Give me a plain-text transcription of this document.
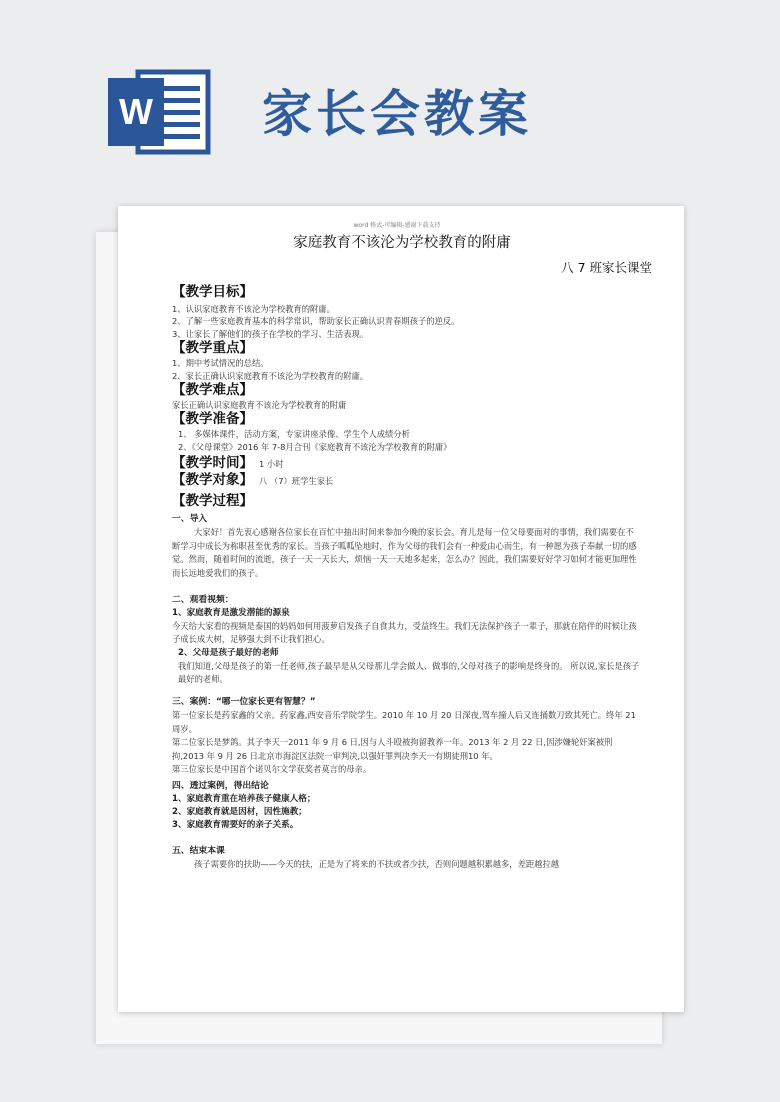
W 家长会教案
word 格式-可编辑-感谢下载支持
家庭教育不该沦为学校教育的附庸
八 7 班家长课堂
【教学目标】
1、认识家庭教育不该沦为学校教育的附庸。
2、了解一些家庭教育基本的科学常识，帮助家长正确认识青春期孩子的逆反。
3、让家长了解他们的孩子在学校的学习、生活表现。
【教学重点】
1、期中考试情况的总结。
2、家长正确认识家庭教育不该沦为学校教育的附庸。
【教学难点】
家长正确认识家庭教育不该沦为学校教育的附庸
【教学准备】
1、 多媒体课件，活动方案，专家讲座录像、学生个人成绩分析
2、《父母课堂》2016 年 7-8月合刊《家庭教育不该沦为学校教育的附庸》
【教学时间】 1 小时
【教学对象】 八 （7）班学生家长
【教学过程】
一、导入

大家好！首先衷心感谢各位家长在百忙中抽出时间来参加今晚的家长会。育儿是每一位父母要面对的事情，我们需要在不断学习中成长为称职甚至优秀的家长。当孩子呱呱坠地时，作为父母的我们会有一种爱由心而生，有一种愿为孩子奉献一切的感觉。然而，随着时间的流逝，孩子一天一天长大，烦恼一天一天地多起来，怎么办？因此，我们需要好好学习如何才能更加理性而长远地爱我们的孩子。

二、观看视频：
1、家庭教育是激发潜能的源泉

今天给大家看的视频是泰国的妈妈如何用菠萝启发孩子自食其力，受益终生。我们无法保护孩子一辈子，那就在陪伴的时候让孩子成长成大树，足够强大到不让我们担心。

2、父母是孩子最好的老师

我们知道,父母是孩子的第一任老师,孩子最早是从父母那儿学会做人、做事的,父母对孩子的影响是终身的。 所以说,家长是孩子最好的老师。

三、案例：“哪一位家长更有智慧？”

第一位家长是药家鑫的父亲。药家鑫,西安音乐学院学生。2010 年 10 月 20 日深夜,驾车撞人后又连捅数刀致其死亡。终年 21 周岁。

第二位家长是梦鸽。其子李天一2011 年 9 月 6 日,因与人斗殴被拘留教养一年。2013 年 2 月 22 日,因涉嫌轮奸案被刑拘,2013 年 9 月 26 日北京市海淀区法院一审判决,以强奸罪判决李天一有期徒刑10 年。

第三位家长是中国首个诺贝尔文学获奖者莫言的母亲。

四、透过案例，得出结论
1、家庭教育重在培养孩子健康人格；
2、家庭教育就是因材，因性施教；
3、家庭教育需要好的亲子关系。
五、结束本课

孩子需要你的扶助——今天的扶，正是为了将来的不扶或者少扶，否则问题越积累越多，差距越拉越
